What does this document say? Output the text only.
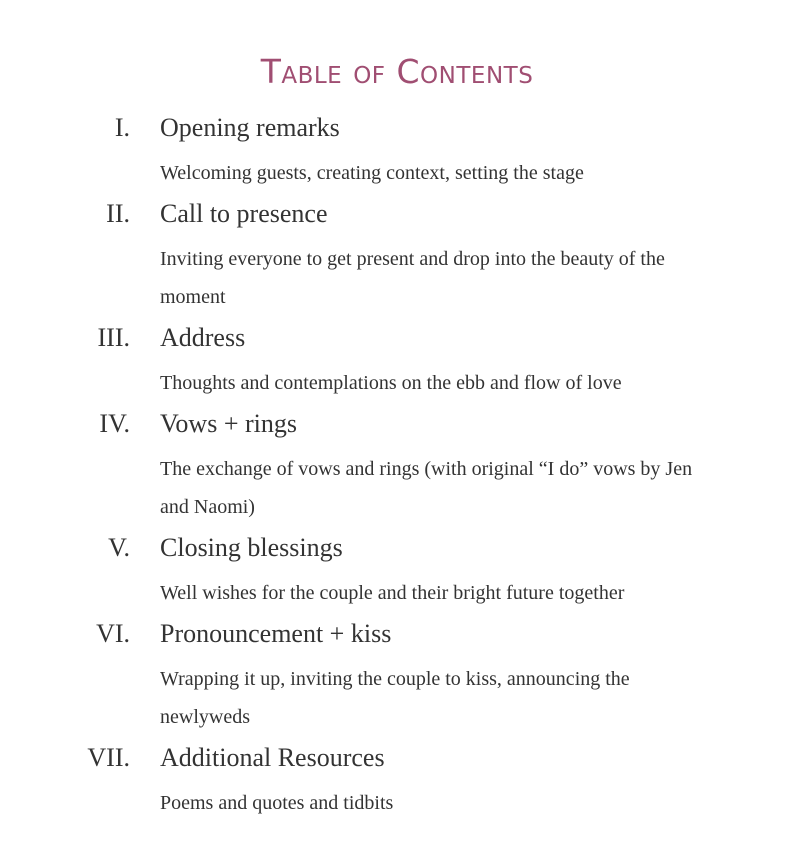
Table of Contents
I. Opening remarks
Welcoming guests, creating context, setting the stage
II. Call to presence
Inviting everyone to get present and drop into the beauty of the moment
III. Address
Thoughts and contemplations on the ebb and flow of love
IV. Vows + rings
The exchange of vows and rings (with original “I do” vows by Jen and Naomi)
V. Closing blessings
Well wishes for the couple and their bright future together
VI. Pronouncement + kiss
Wrapping it up, inviting the couple to kiss, announcing the newlyweds
VII. Additional Resources
Poems and quotes and tidbits
